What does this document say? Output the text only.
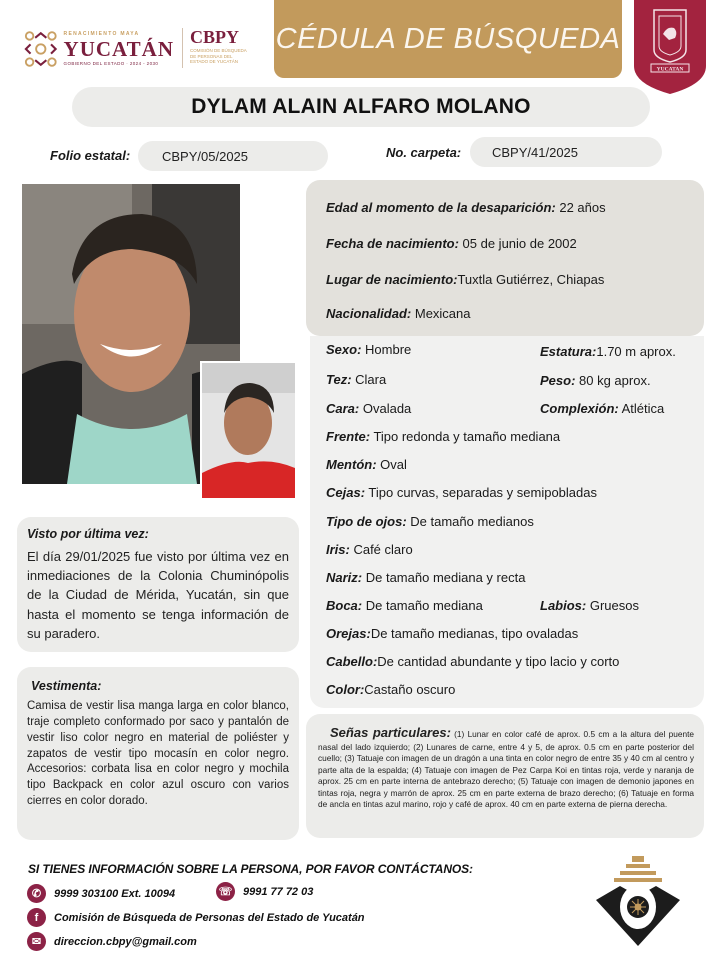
RENACIMIENTO MAYA
YUCATÁN
GOBIERNO DEL ESTADO · 2024 - 2030
CBPY
COMISIÓN DE BÚSQUEDA
DE PERSONAS DEL
ESTADO DE YUCATÁN
CÉDULA DE BÚSQUEDA
YUCATAN
DYLAM ALAIN ALFARO MOLANO
Folio estatal:	CBPY/05/2025	No. carpeta:	CBPY/41/2025
Edad al momento de la desaparición: 22 años
Fecha de nacimiento: 05 de junio de 2002
Lugar de nacimiento:Tuxtla Gutiérrez, Chiapas
Nacionalidad: Mexicana
Sexo: Hombre	Estatura:1.70 m aprox.
Tez: Clara	Peso: 80 kg aprox.
Cara: Ovalada	Complexión: Atlética
Frente: Tipo redonda y tamaño mediana
Mentón: Oval
Cejas: Tipo curvas, separadas y semipobladas
Tipo de ojos: De tamaño medianos
Iris: Café claro
Nariz: De tamaño mediana y recta
Boca: De tamaño mediana	Labios: Gruesos
Orejas:De tamaño medianas, tipo ovaladas
Cabello:De cantidad abundante y tipo lacio y corto
Color:Castaño oscuro
Señas particulares: (1) Lunar en color café de aprox. 0.5 cm a la altura del puente nasal del lado izquierdo; (2) Lunares de carne, entre 4 y 5, de aprox. 0.5 cm en parte posterior del cuello; (3) Tatuaje con imagen de un dragón a una tinta en color negro de entre 35 y 40 cm al centro y parte alta de la espalda; (4) Tatuaje con imagen de Pez Carpa Koi en tintas roja, verde y naranja de aprox. 25 cm en parte interna de antebrazo derecho; (5) Tatuaje con imagen de demonio japones en tintas roja, negra y marrón de aprox. 25 cm en parte externa de brazo derecho; (6) Tatuaje en forma de ancla en tintas azul marino, rojo y café de aprox. 40 cm en parte externa de pierna derecha.
Visto por última vez:
El día 29/01/2025 fue visto por última vez en inmediaciones de la Colonia Chuminópolis de la Ciudad de Mérida, Yucatán, sin que hasta el momento se tenga información de su paradero.
Vestimenta:
Camisa de vestir lisa manga larga en color blanco, traje completo conformado por saco y pantalón de vestir liso color negro en material de poliéster y zapatos de vestir tipo mocasín en color negro. Accesorios: corbata lisa en color negro y mochila tipo Backpack en color azul oscuro con varios cierres en color dorado.
SI TIENES INFORMACIÓN SOBRE LA PERSONA, POR FAVOR CONTÁCTANOS:
✆	9999 303100 Ext. 10094	☏ 9991 77 72 03
f	Comisión de Búsqueda de Personas del Estado de Yucatán
✉	direccion.cbpy@gmail.com
